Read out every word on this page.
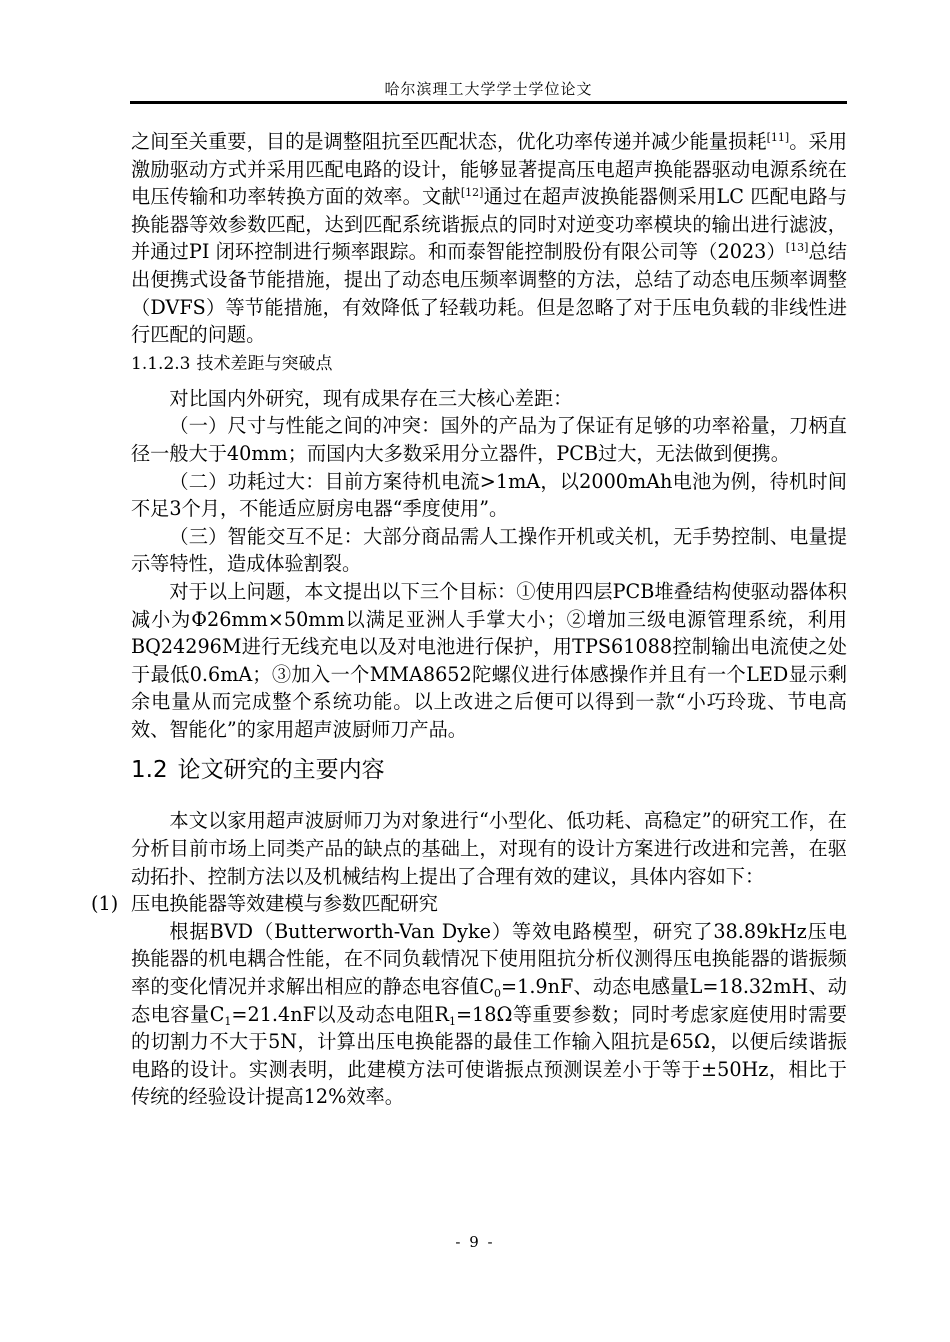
哈尔滨理工大学学士学位论文

之间至关重要，目的是调整阻抗至匹配状态，优化功率传递并减少能量损耗[11]。采用激励驱动方式并采用匹配电路的设计，能够显著提高压电超声换能器驱动电源系统在电压传输和功率转换方面的效率。文献[12]通过在超声波换能器侧采用LC 匹配电路与换能器等效参数匹配，达到匹配系统谐振点的同时对逆变功率模块的输出进行滤波，并通过PI 闭环控制进行频率跟踪。和而泰智能控制股份有限公司等（2023）[13]总结出便携式设备节能措施，提出了动态电压频率调整的方法，总结了动态电压频率调整（DVFS）等节能措施，有效降低了轻载功耗。但是忽略了对于压电负载的非线性进行匹配的问题。

1.1.2.3 技术差距与突破点

对比国内外研究，现有成果存在三大核心差距：

（一）尺寸与性能之间的冲突：国外的产品为了保证有足够的功率裕量，刀柄直径一般大于40mm；而国内大多数采用分立器件，PCB过大，无法做到便携。

（二）功耗过大：目前方案待机电流>1mA，以2000mAh电池为例，待机时间不足3个月，不能适应厨房电器“季度使用”。

（三）智能交互不足：大部分商品需人工操作开机或关机，无手势控制、电量提示等特性，造成体验割裂。

对于以上问题，本文提出以下三个目标：①使用四层PCB堆叠结构使驱动器体积减小为Φ26mm×50mm以满足亚洲人手掌大小；②增加三级电源管理系统，利用BQ24296M进行无线充电以及对电池进行保护，用TPS61088控制输出电流使之处于最低0.6mA；③加入一个MMA8652陀螺仪进行体感操作并且有一个LED显示剩余电量从而完成整个系统功能。以上改进之后便可以得到一款“小巧玲珑、节电高效、智能化”的家用超声波厨师刀产品。

1.2 论文研究的主要内容

本文以家用超声波厨师刀为对象进行“小型化、低功耗、高稳定”的研究工作，在分析目前市场上同类产品的缺点的基础上，对现有的设计方案进行改进和完善，在驱动拓扑、控制方法以及机械结构上提出了合理有效的建议，具体内容如下：

(1) 压电换能器等效建模与参数匹配研究

根据BVD（Butterworth-Van Dyke）等效电路模型，研究了38.89kHz压电换能器的机电耦合性能，在不同负载情况下使用阻抗分析仪测得压电换能器的谐振频率的变化情况并求解出相应的静态电容值$C_0=1.9nF$、动态电感量L=18.32mH、动态电容量$C_1=21.4nF$以及动态电阻$R_1=18\Omega$等重要参数；同时考虑家庭使用时需要的切割力不大于5N，计算出压电换能器的最佳工作输入阻抗是65Ω，以便后续谐振电路的设计。实测表明，此建模方法可使谐振点预测误差小于等于±50Hz，相比于传统的经验设计提高12%效率。

- 9 -
